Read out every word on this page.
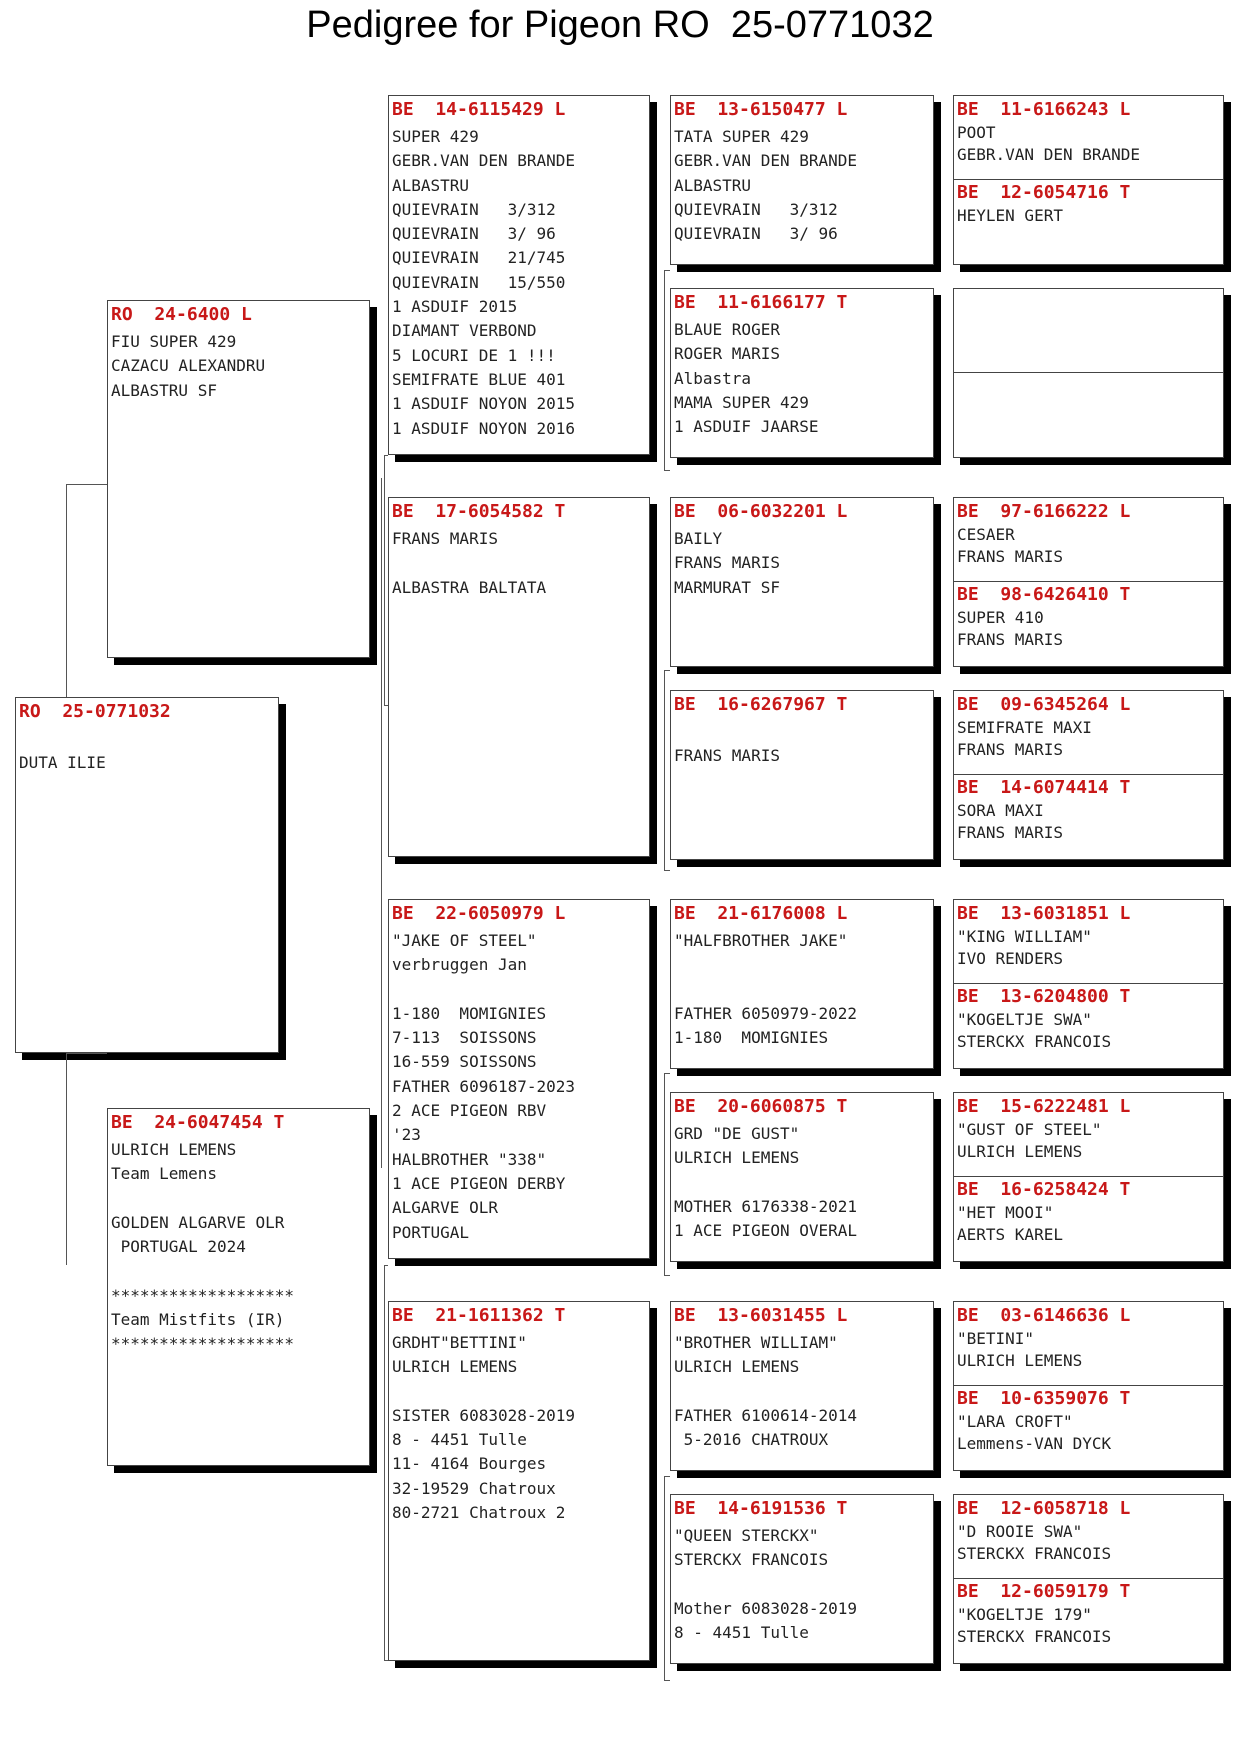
Pedigree for Pigeon RO  25-0771032
RO  25-0771032
DUTA ILIE
RO  24-6400 L
FIU SUPER 429
CAZACU ALEXANDRU
ALBASTRU SF
BE  24-6047454 T
ULRICH LEMENS
Team Lemens
GOLDEN ALGARVE OLR
PORTUGAL 2024
*******************
Team Mistfits (IR)
*******************
BE  14-6115429 L
SUPER 429
GEBR.VAN DEN BRANDE
ALBASTRU
QUIEVRAIN   3/312
QUIEVRAIN   3/ 96
QUIEVRAIN   21/745
QUIEVRAIN   15/550
1 ASDUIF 2015
DIAMANT VERBOND
5 LOCURI DE 1 !!!
SEMIFRATE BLUE 401
1 ASDUIF NOYON 2015
1 ASDUIF NOYON 2016
BE  17-6054582 T
FRANS MARIS
ALBASTRA BALTATA
BE  22-6050979 L
"JAKE OF STEEL"
verbruggen Jan
1-180  MOMIGNIES
7-113  SOISSONS
16-559 SOISSONS
FATHER 6096187-2023
2 ACE PIGEON RBV
'23
HALBROTHER "338"
1 ACE PIGEON DERBY
ALGARVE OLR
PORTUGAL
BE  21-1611362 T
GRDHT"BETTINI"
ULRICH LEMENS
SISTER 6083028-2019
8 - 4451 Tulle
11- 4164 Bourges
32-19529 Chatroux
80-2721 Chatroux 2
BE  13-6150477 L
TATA SUPER 429
GEBR.VAN DEN BRANDE
ALBASTRU
QUIEVRAIN   3/312
QUIEVRAIN   3/ 96
BE  11-6166177 T
BLAUE ROGER
ROGER MARIS
Albastra
MAMA SUPER 429
1 ASDUIF JAARSE
BE  06-6032201 L
BAILY
FRANS MARIS
MARMURAT SF
BE  16-6267967 T
FRANS MARIS
BE  21-6176008 L
"HALFBROTHER JAKE"
FATHER 6050979-2022
1-180  MOMIGNIES
BE  20-6060875 T
GRD "DE GUST"
ULRICH LEMENS
MOTHER 6176338-2021
1 ACE PIGEON OVERAL
BE  13-6031455 L
"BROTHER WILLIAM"
ULRICH LEMENS
FATHER 6100614-2014
5-2016 CHATROUX
BE  14-6191536 T
"QUEEN STERCKX"
STERCKX FRANCOIS
Mother 6083028-2019
8 - 4451 Tulle
BE  11-6166243 L
POOT
GEBR.VAN DEN BRANDE
BE  12-6054716 T
HEYLEN GERT
BE  97-6166222 L
CESAER
FRANS MARIS
BE  98-6426410 T
SUPER 410
FRANS MARIS
BE  09-6345264 L
SEMIFRATE MAXI
FRANS MARIS
BE  14-6074414 T
SORA MAXI
FRANS MARIS
BE  13-6031851 L
"KING WILLIAM"
IVO RENDERS
BE  13-6204800 T
"KOGELTJE SWA"
STERCKX FRANCOIS
BE  15-6222481 L
"GUST OF STEEL"
ULRICH LEMENS
BE  16-6258424 T
"HET MOOI"
AERTS KAREL
BE  03-6146636 L
"BETINI"
ULRICH LEMENS
BE  10-6359076 T
"LARA CROFT"
Lemmens-VAN DYCK
BE  12-6058718 L
"D ROOIE SWA"
STERCKX FRANCOIS
BE  12-6059179 T
"KOGELTJE 179"
STERCKX FRANCOIS
